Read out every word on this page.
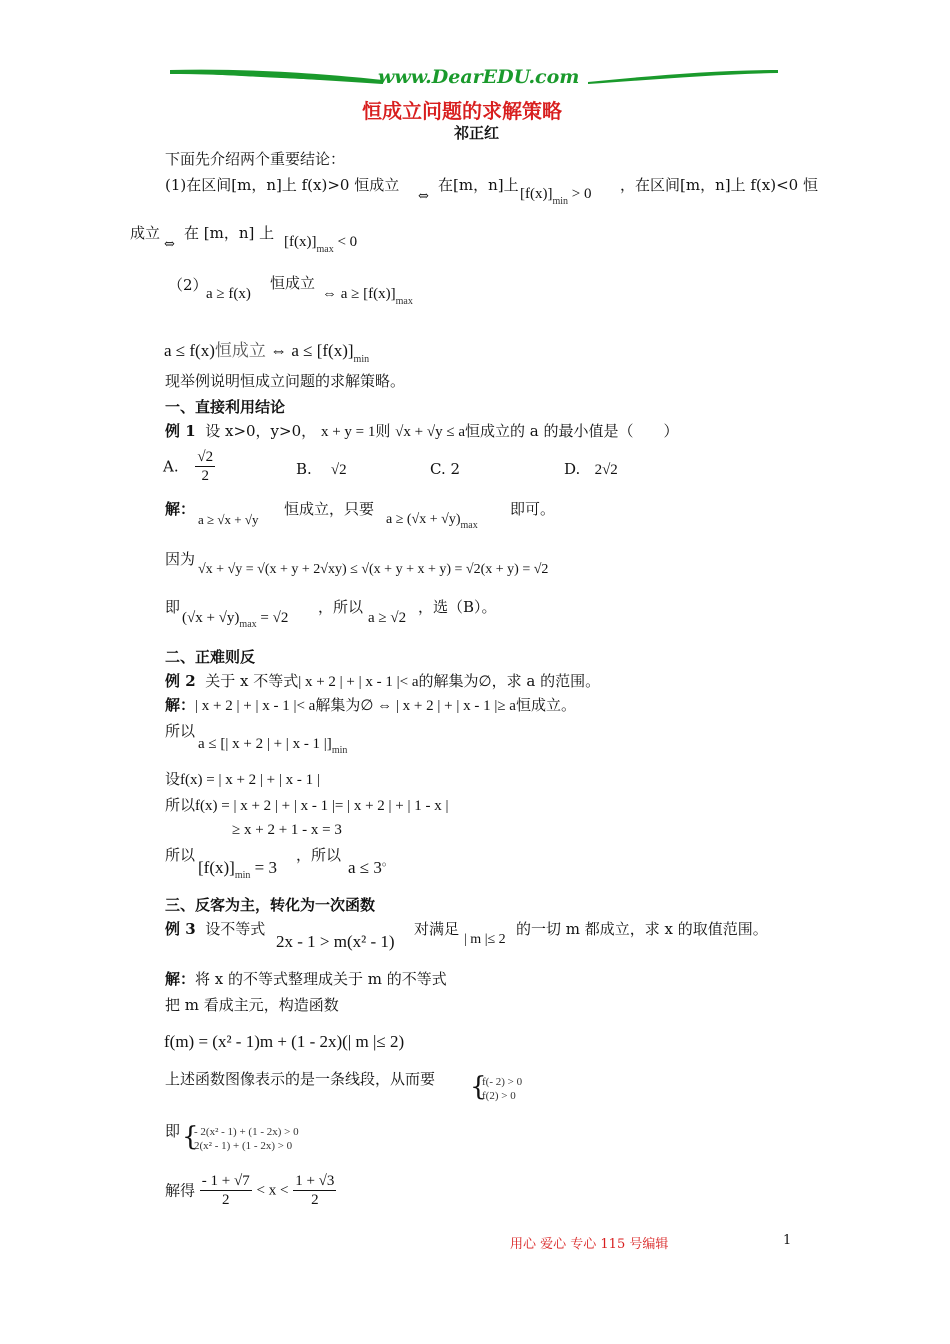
www.DearEDU.com
恒成立问题的求解策略
祁正红
下面先介绍两个重要结论：
(1)在区间[m，n]上 f(x)>0 恒成立
⇔
在[m，n]上 $[f(x)]_{min} > 0$ ，在区间[m，n]上 f(x)<0 恒
成立
⇔
在 [m，n] 上 $[f(x)]_{max} < 0$
（2）
a ≥ f(x)
恒成立
⇔ $a \ge [f(x)]_{max}$
a ≤ f(x)恒成立 ⇔ $a \le [f(x)]_{min}$
现举例说明恒成立问题的求解策略。
一、直接利用结论
例 1 设 x>0，y>0， x + y = 1则 √x + √y ≤ a恒成立的 a 的最小值是（　　）
A. $\frac{√2}{2}$	B. √2	C. 2	D. 2√2
解：
a ≥ √x + √y
恒成立，只要
$a \ge (√x + √y)_{max}$
即可。
因为
√x + √y = √(x + y + 2√xy) ≤ √(x + y + x + y) = √2(x + y) = √2
即
$(√x + √y)_{max} = √2$
，所以
a ≥ √2
，选（B）。
二、正难则反
例 2 关于 x 不等式| x + 2 | + | x - 1 |< a的解集为∅，求 a 的范围。
解：| x + 2 | + | x - 1 |< a解集为∅ ⇔ | x + 2 | + | x - 1 |≥ a恒成立。
所以
a ≤ [| x + 2 | + | x - 1 $|]_{min}$
设f(x) = | x + 2 | + | x - 1 |
所以f(x) = | x + 2 | + | x - 1 |= | x + 2 | + | 1 - x |
≥ x + 2 + 1 - x = 3
所以
$[f(x)]_{min} = 3$
，所以
a ≤ 3。
三、反客为主，转化为一次函数
例 3 设不等式
2x - 1 > m(x² - 1)
对满足
| m |≤ 2
的一切 m 都成立，求 x 的取值范围。
解：将 x 的不等式整理成关于 m 的不等式
把 m 看成主元，构造函数
f(m) = (x² - 1)m + (1 - 2x)(| m |≤ 2)
上述函数图像表示的是一条线段，从而要 {
f(- 2) > 0
f(2) > 0
即 {
- 2(x² - 1) + (1 - 2x) > 0
2(x² - 1) + (1 - 2x) > 0
解得 $\frac{- 1 + √7}{2} < x < \frac{1 + √3}{2}$
用心 爱心 专心 115 号编辑	1
